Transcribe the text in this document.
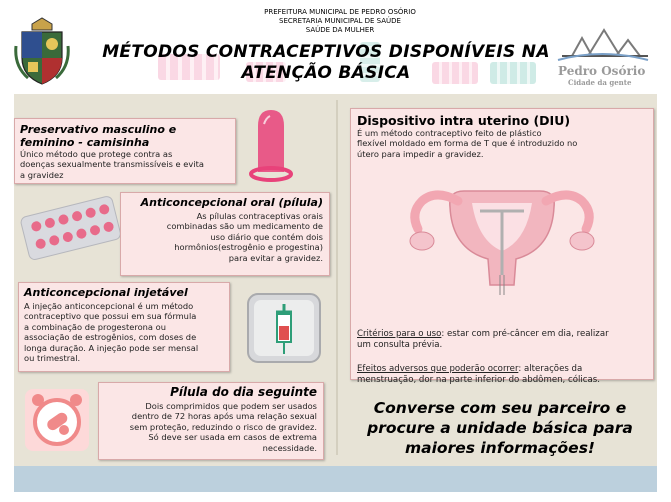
PREFEITURA MUNICIPAL DE PEDRO OSÓRIO
SECRETARIA MUNICIPAL DE SAÚDE
SAÚDE DA MULHER
MÉTODOS CONTRACEPTIVOS DISPONÍVEIS NA
ATENÇÃO BÁSICA	Pedro Osório
Cidade da gente
Preservativo masculino e
feminino - camisinha
Único método que protege contra as
doenças sexualmente transmissíveis e evita
a gravidez
Anticoncepcional oral (pílula)
As pílulas contraceptivas orais
combinadas são um medicamento de
uso diário que contém dois
hormônios(estrogênio e progestina)
para evitar a gravidez.
Anticoncepcional injetável
A injeção anticoncepcional é um método
contraceptivo que possui em sua fórmula
a combinação de progesterona ou
associação de estrogênios, com doses de
longa duração. A injeção pode ser mensal
ou trimestral.
Pílula do dia seguinte
Dois comprimidos que podem ser usados
dentro de 72 horas após uma relação sexual
sem proteção, reduzindo o risco de gravidez.
Só deve ser usada em casos de extrema
necessidade.
Dispositivo intra uterino (DIU)
É um método contraceptivo feito de plástico
flexível moldado em forma de T que é introduzido no
útero para impedir a gravidez.
Critérios para o uso: estar com pré-câncer em dia, realizar
um consulta prévia.
Efeitos adversos que poderão ocorrer: alterações da
menstruação, dor na parte inferior do abdômen, cólicas.
Converse com seu parceiro e
procure a unidade básica para
maiores informações!
